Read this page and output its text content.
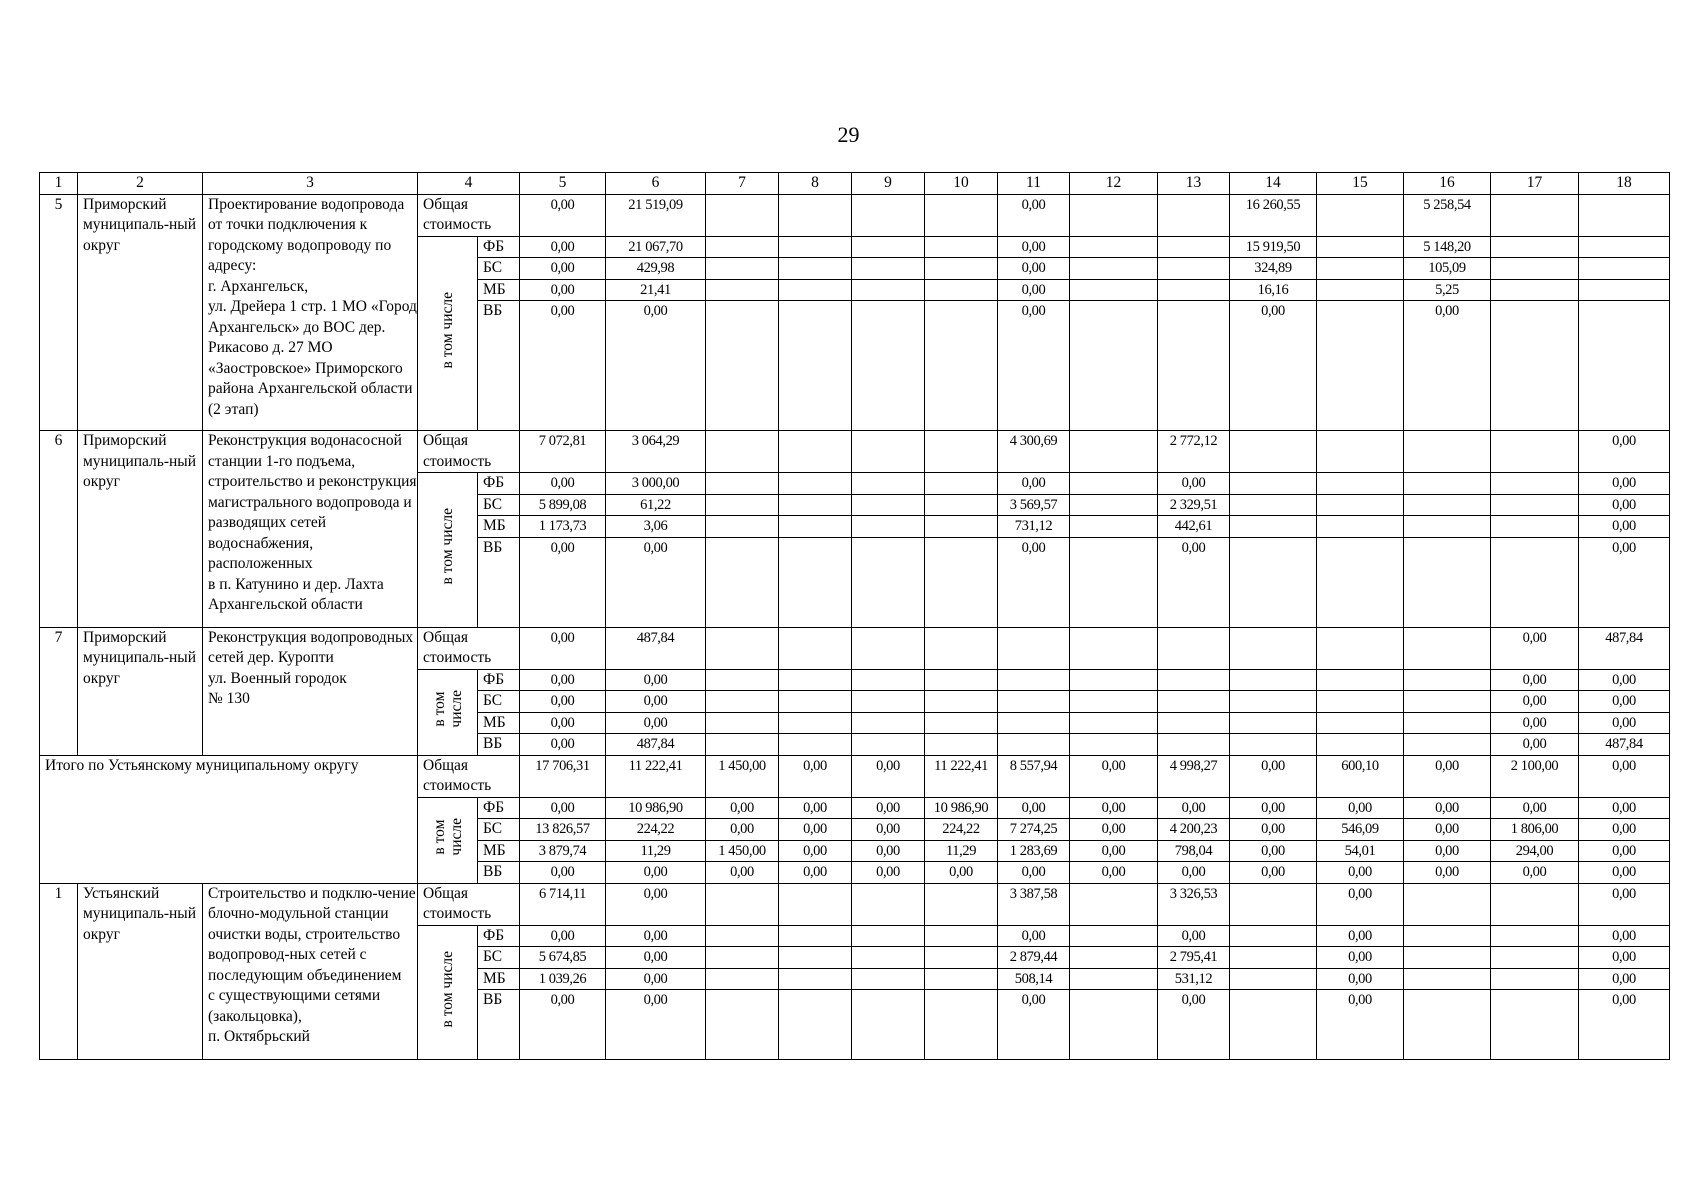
29
1	2	3	4		5	6	7	8	9	10	11	12	13	14	15	16	17	18
5	Приморский муниципаль-ный округ	Проектирование водопровода от точки подключения к городскому водопроводу по адресу:
г. Архангельск,
ул. Дрейера 1 стр. 1 МО «Город Архангельск» до ВОС дер. Рикасово д. 27 МО «Заостровское» Приморского района Архангельской области
(2 этап)	Общая стоимость		0,00	21 519,09					0,00			16 260,55		5 258,54		
			в том числе	ФБ	0,00	21 067,70					0,00			15 919,50		5 148,20		
				БС	0,00	429,98					0,00			324,89		105,09		
				МБ	0,00	21,41					0,00			16,16		5,25		
				ВБ	0,00	0,00					0,00			0,00		0,00		
6	Приморский муниципаль-ный округ	Реконструкция водонасосной станции 1-го подъема, строительство и реконструкция магистрального водопровода и разводящих сетей водоснабжения, расположенных
в п. Катунино и дер. Лахта Архангельской области	Общая стоимость		7 072,81	3 064,29					4 300,69		2 772,12					0,00
			в том числе	ФБ	0,00	3 000,00					0,00		0,00					0,00
				БС	5 899,08	61,22					3 569,57		2 329,51					0,00
				МБ	1 173,73	3,06					731,12		442,61					0,00
				ВБ	0,00	0,00					0,00		0,00					0,00
7	Приморский муниципаль-ный округ	Реконструкция водопроводных сетей дер. Куропти
ул. Военный городок
№ 130	Общая стоимость		0,00	487,84											0,00	487,84
			в том
числе	ФБ	0,00	0,00											0,00	0,00
				БС	0,00	0,00											0,00	0,00
				МБ	0,00	0,00											0,00	0,00
				ВБ	0,00	487,84											0,00	487,84
Итого по Устьянскому муниципальному округу			Общая стоимость		17 706,31	11 222,41	1 450,00	0,00	0,00	11 222,41	8 557,94	0,00	4 998,27	0,00	600,10	0,00	2 100,00	0,00
			в том
числе	ФБ	0,00	10 986,90	0,00	0,00	0,00	10 986,90	0,00	0,00	0,00	0,00	0,00	0,00	0,00	0,00
				БС	13 826,57	224,22	0,00	0,00	0,00	224,22	7 274,25	0,00	4 200,23	0,00	546,09	0,00	1 806,00	0,00
				МБ	3 879,74	11,29	1 450,00	0,00	0,00	11,29	1 283,69	0,00	798,04	0,00	54,01	0,00	294,00	0,00
				ВБ	0,00	0,00	0,00	0,00	0,00	0,00	0,00	0,00	0,00	0,00	0,00	0,00	0,00	0,00
1	Устьянский муниципаль-ный округ	Строительство и подклю-чение блочно-модульной станции очистки воды, строительство водопровод-ных сетей с последующим объединением
с существующими сетями (закольцовка),
п. Октябрьский	Общая стоимость		6 714,11	0,00					3 387,58		3 326,53		0,00			0,00
			в том числе	ФБ	0,00	0,00					0,00		0,00		0,00			0,00
				БС	5 674,85	0,00					2 879,44		2 795,41		0,00			0,00
				МБ	1 039,26	0,00					508,14		531,12		0,00			0,00
				ВБ	0,00	0,00					0,00		0,00		0,00			0,00
